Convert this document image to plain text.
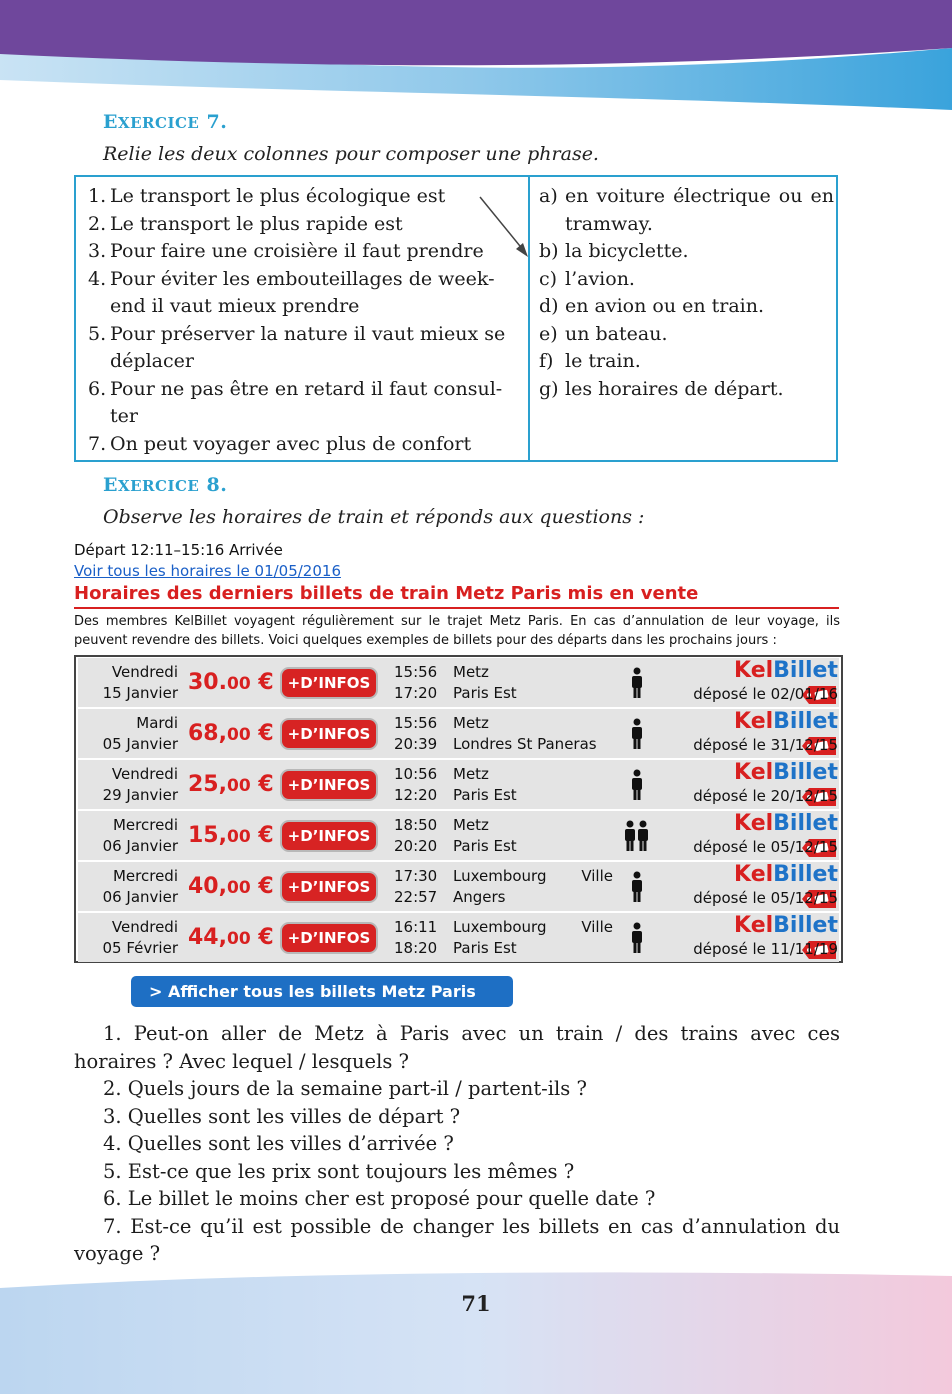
EXERCICE 7.
Relie les deux colonnes pour composer une phrase.
1. Le transport le plus écologique est
2. Le transport le plus rapide est
3. Pour faire une croisière il faut prendre
4. Pour éviter les embouteillages de week-end il vaut mieux prendre
5. Pour préserver la nature il vaut mieux se déplacer
6. Pour ne pas être en retard il faut consul-ter
7. On peut voyager avec plus de confort
a) en voiture électrique ou en tramway.
b) la bicyclette.
c) l’avion.
d) en avion ou en train.
e) un bateau.
f) le train.
g) les horaires de départ.
EXERCICE 8.
Observe les horaires de train et réponds aux questions :
Départ 12:11–15:16 Arrivée
Voir tous les horaires le 01/05/2016
Horaires des derniers billets de train Metz Paris mis en vente
Des membres KelBillet voyagent régulièrement sur le trajet Metz Paris. En cas d’annulation de leur voyage, ils peuvent revendre des billets. Voici quelques exemples de billets pour des départs dans les prochains jours :
Vendredi
15 Janvier 30.00 € +D’INFOS
15:56
17:20
Metz
Paris Est
KelBillet
déposé le 02/01/16
Mardi
05 Janvier 68,00 € +D’INFOS
15:56
20:39
Metz
Londres St Paneras
KelBillet
déposé le 31/12/15
Vendredi
29 Janvier 25,00 € +D’INFOS
10:56
12:20
Metz
Paris Est
KelBillet
déposé le 20/12/15
Mercredi
06 Janvier 15,00 € +D’INFOS
18:50
20:20
Metz
Paris Est
KelBillet
déposé le 05/12/15
Mercredi
06 Janvier 40,00 € +D’INFOS
17:30
22:57
Luxembourg Ville
Angers
KelBillet
déposé le 05/12/15
Vendredi
05 Février 44,00 € +D’INFOS
16:11
18:20
Luxembourg Ville
Paris Est
KelBillet
déposé le 11/11/19
> Afficher tous les billets Metz Paris

1. Peut-on aller de Metz à Paris avec un train / des trains avec ces horaires ? Avec lequel / lesquels ?

2. Quels jours de la semaine part-il / partent-ils ?

3. Quelles sont les villes de départ ?

4. Quelles sont les villes d’arrivée ?

5. Est-ce que les prix sont toujours les mêmes ?

6. Le billet le moins cher est proposé pour quelle date ?

7. Est-ce qu’il est possible de changer les billets en cas d’annulation du voyage ?

71
